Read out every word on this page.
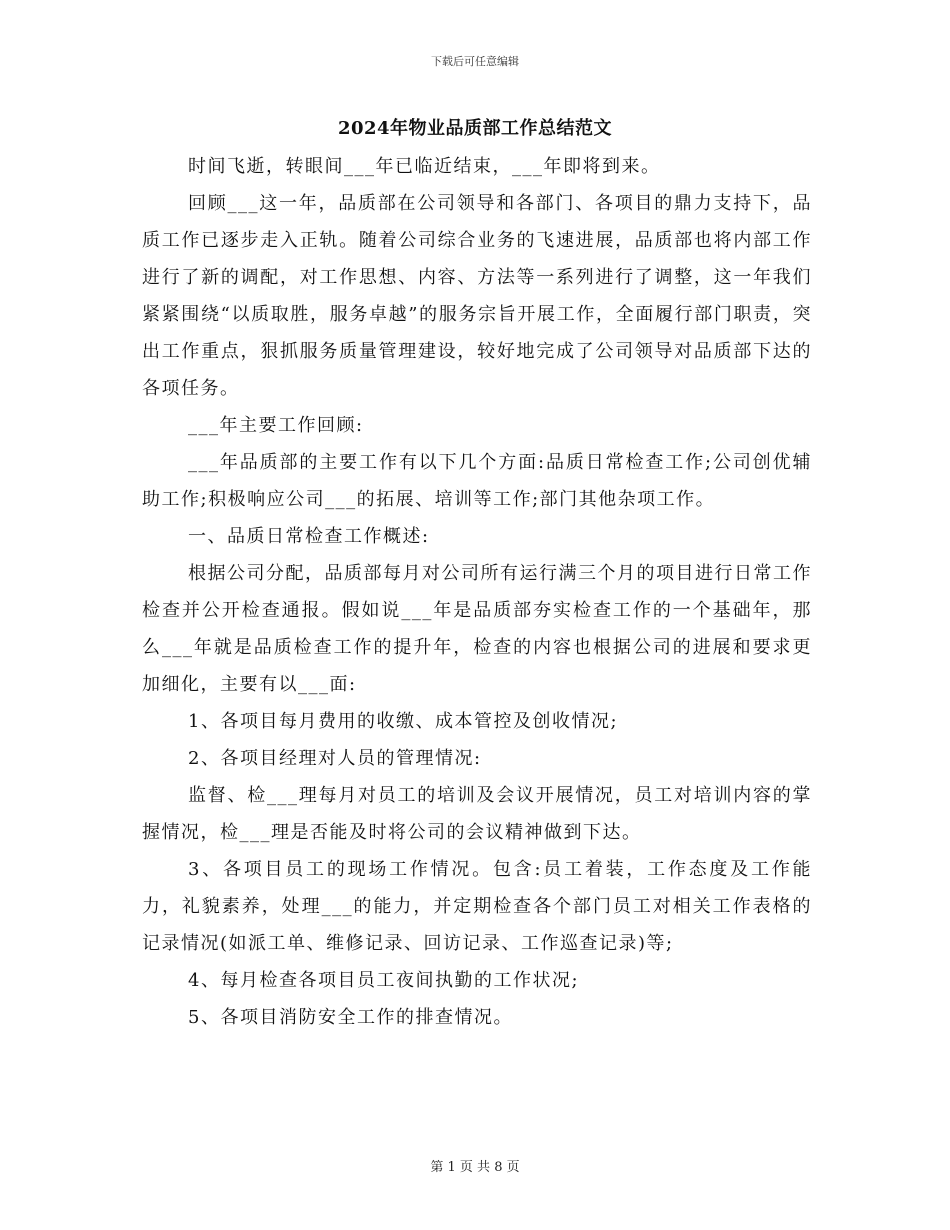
下载后可任意编辑
2024年物业品质部工作总结范文

时间飞逝，转眼间___年已临近结束，___年即将到来。

回顾___这一年，品质部在公司领导和各部门、各项目的鼎力支持下，品质工作已逐步走入正轨。随着公司综合业务的飞速进展，品质部也将内部工作进行了新的调配，对工作思想、内容、方法等一系列进行了调整，这一年我们紧紧围绕“以质取胜，服务卓越”的服务宗旨开展工作，全面履行部门职责，突出工作重点，狠抓服务质量管理建设，较好地完成了公司领导对品质部下达的各项任务。

___年主要工作回顾:

___年品质部的主要工作有以下几个方面:品质日常检查工作;公司创优辅助工作;积极响应公司___的拓展、培训等工作;部门其他杂项工作。

一、品质日常检查工作概述:

根据公司分配，品质部每月对公司所有运行满三个月的项目进行日常工作检查并公开检查通报。假如说___年是品质部夯实检查工作的一个基础年，那么___年就是品质检查工作的提升年，检查的内容也根据公司的进展和要求更加细化，主要有以___面:

1、各项目每月费用的收缴、成本管控及创收情况;

2、各项目经理对人员的管理情况:

监督、检___理每月对员工的培训及会议开展情况，员工对培训内容的掌握情况，检___理是否能及时将公司的会议精神做到下达。

3、各项目员工的现场工作情况。包含:员工着装，工作态度及工作能力，礼貌素养，处理___的能力，并定期检查各个部门员工对相关工作表格的记录情况(如派工单、维修记录、回访记录、工作巡查记录)等;

4、每月检查各项目员工夜间执勤的工作状况;

5、各项目消防安全工作的排查情况。

第 1 页 共 8 页
